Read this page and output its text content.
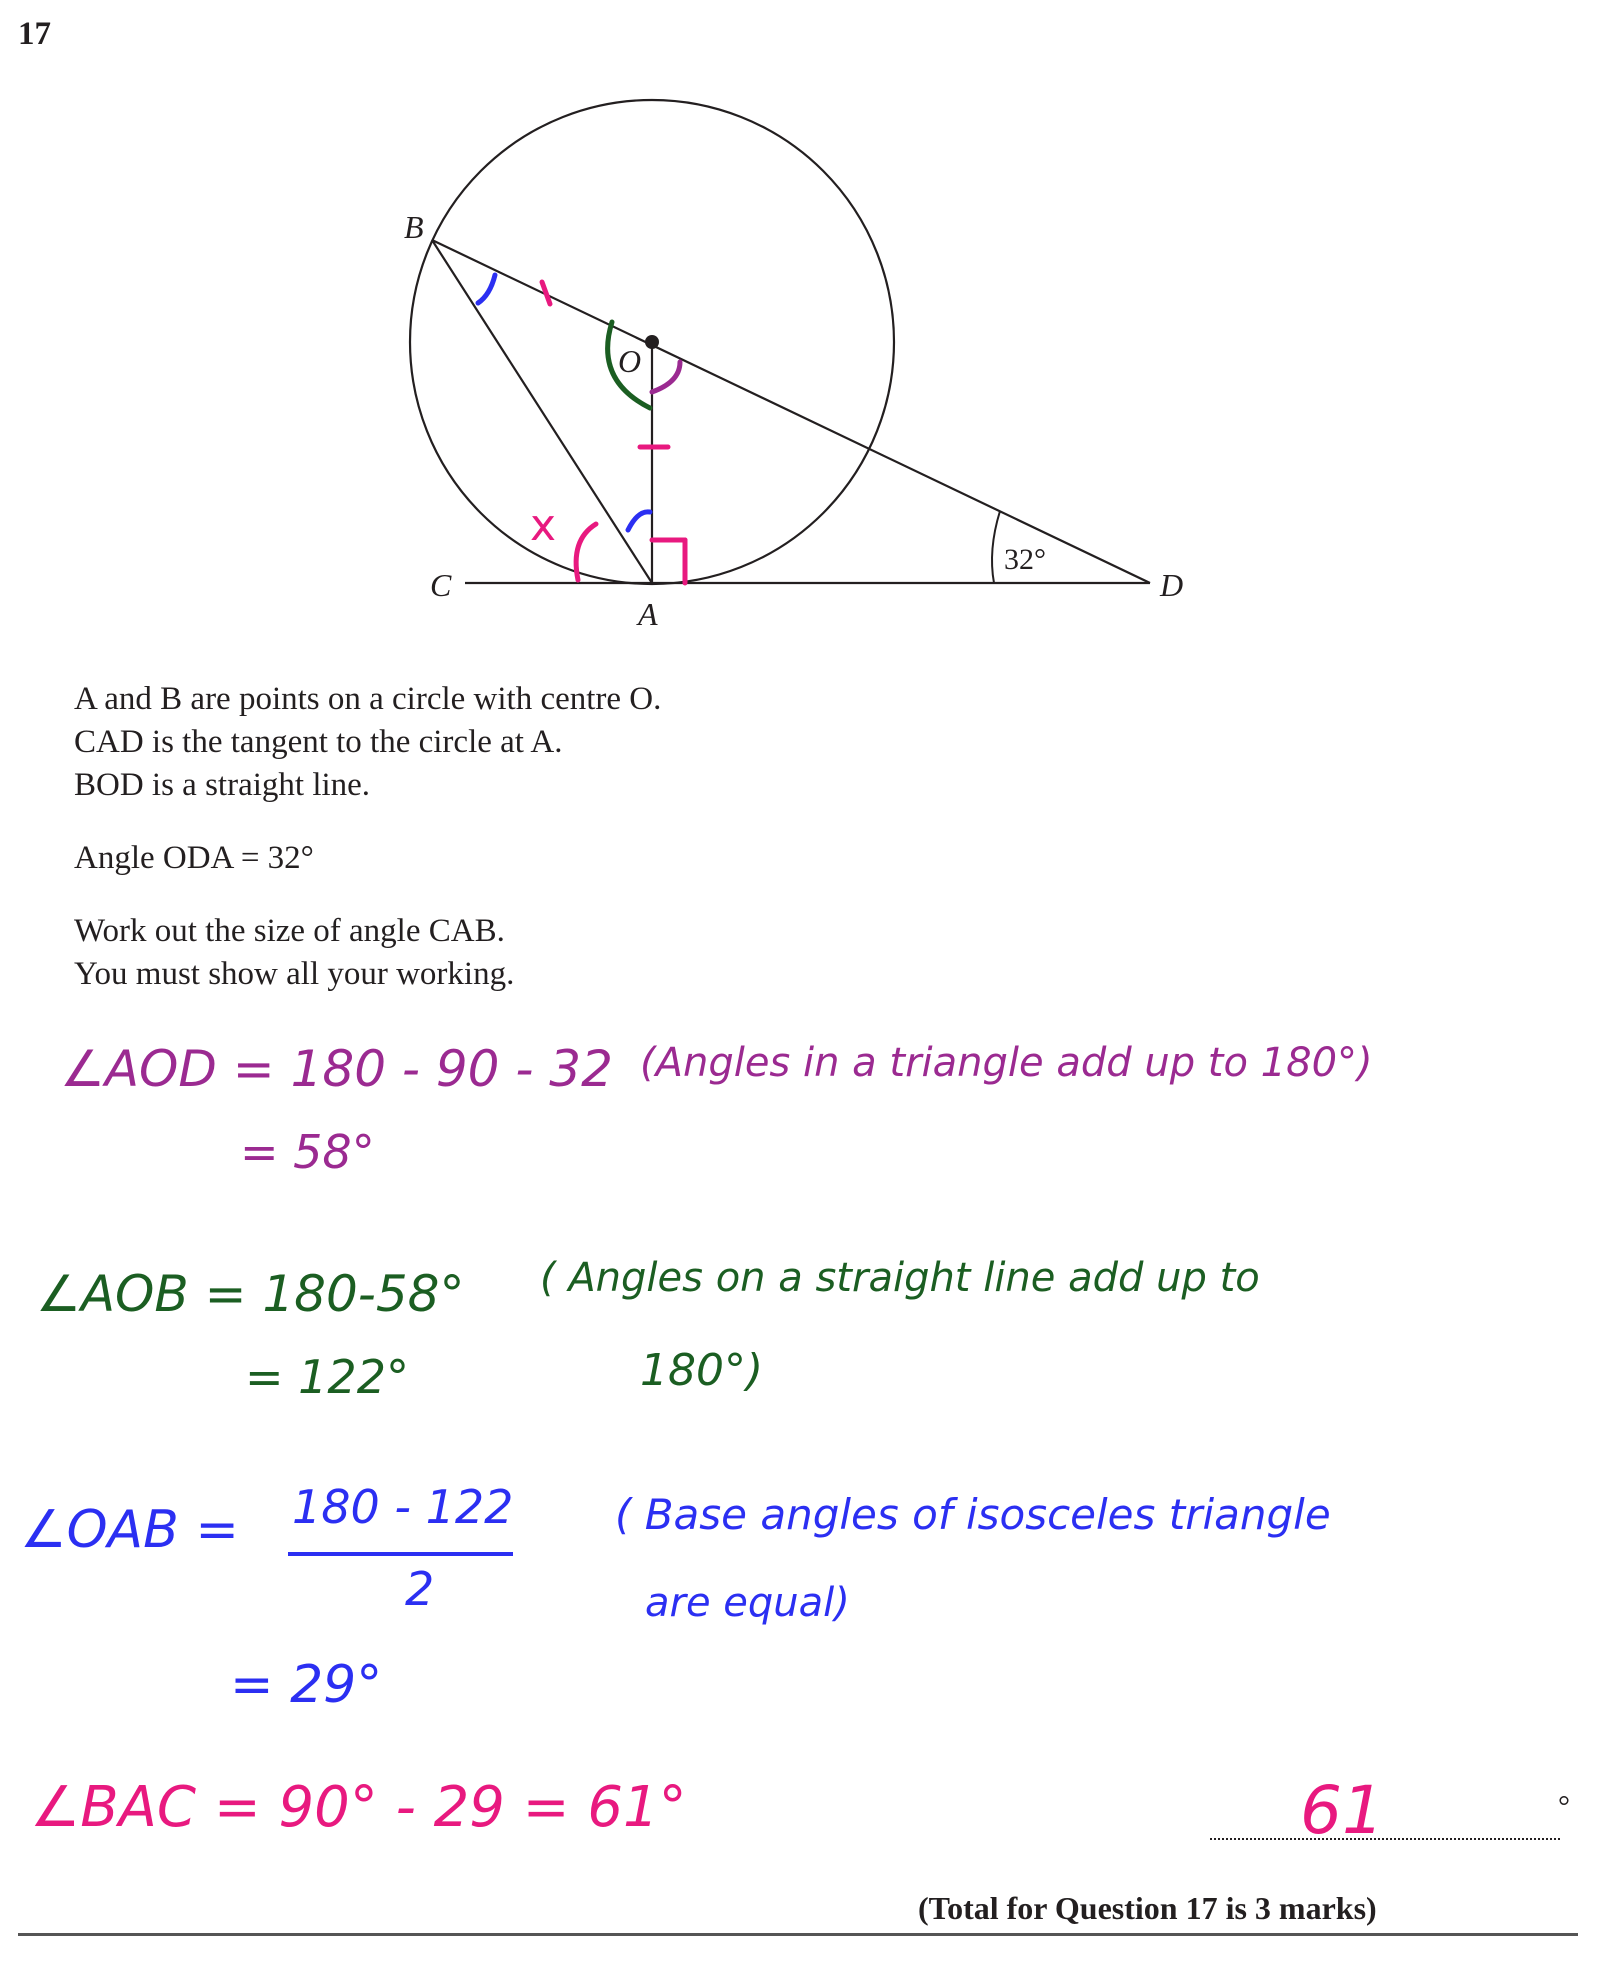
17
32°
B
O
C
A
D
x

A and B are points on a circle with centre O.

CAD is the tangent to the circle at A.

BOD is a straight line.

Angle ODA = 32°

Work out the size of angle CAB.

You must show all your working.

∠AOD = 180 - 90 - 32
= 58°
(Angles in a triangle add up to 180°)
∠AOB = 180-58°
= 122°
( Angles on a straight line add up to
180°)
∠OAB = 180 - 122
2
= 29°
( Base angles of isosceles triangle
are equal)
∠BAC = 90° - 29 = 61°	61	°
(Total for Question 17 is 3 marks)
